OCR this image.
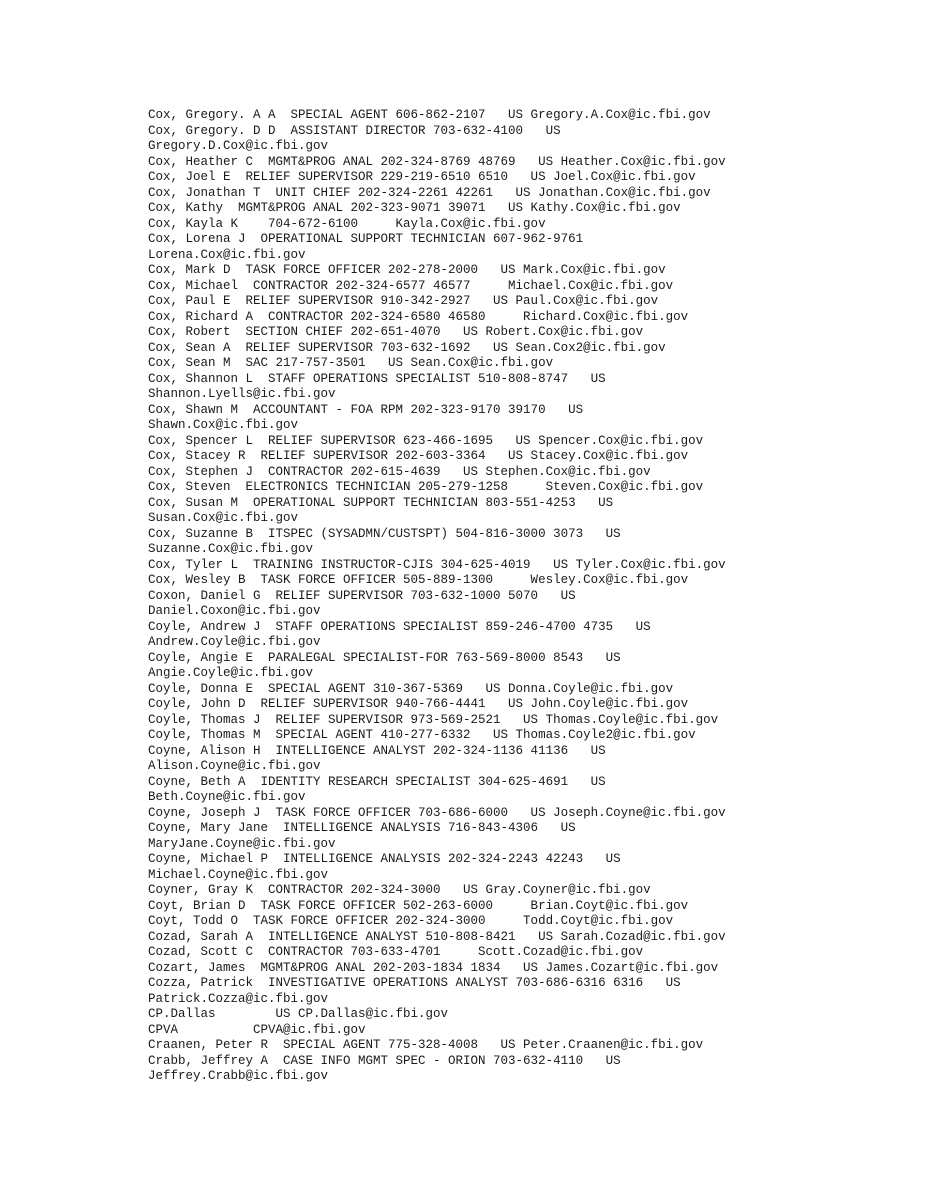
Cox, Gregory. A A  SPECIAL AGENT 606-862-2107   US Gregory.A.Cox@ic.fbi.gov
Cox, Gregory. D D  ASSISTANT DIRECTOR 703-632-4100   US
Gregory.D.Cox@ic.fbi.gov
Cox, Heather C  MGMT&PROG ANAL 202-324-8769 48769   US Heather.Cox@ic.fbi.gov
Cox, Joel E  RELIEF SUPERVISOR 229-219-6510 6510   US Joel.Cox@ic.fbi.gov
Cox, Jonathan T  UNIT CHIEF 202-324-2261 42261   US Jonathan.Cox@ic.fbi.gov
Cox, Kathy  MGMT&PROG ANAL 202-323-9071 39071   US Kathy.Cox@ic.fbi.gov
Cox, Kayla K    704-672-6100     Kayla.Cox@ic.fbi.gov
Cox, Lorena J  OPERATIONAL SUPPORT TECHNICIAN 607-962-9761
Lorena.Cox@ic.fbi.gov
Cox, Mark D  TASK FORCE OFFICER 202-278-2000   US Mark.Cox@ic.fbi.gov
Cox, Michael  CONTRACTOR 202-324-6577 46577     Michael.Cox@ic.fbi.gov
Cox, Paul E  RELIEF SUPERVISOR 910-342-2927   US Paul.Cox@ic.fbi.gov
Cox, Richard A  CONTRACTOR 202-324-6580 46580     Richard.Cox@ic.fbi.gov
Cox, Robert  SECTION CHIEF 202-651-4070   US Robert.Cox@ic.fbi.gov
Cox, Sean A  RELIEF SUPERVISOR 703-632-1692   US Sean.Cox2@ic.fbi.gov
Cox, Sean M  SAC 217-757-3501   US Sean.Cox@ic.fbi.gov
Cox, Shannon L  STAFF OPERATIONS SPECIALIST 510-808-8747   US
Shannon.Lyells@ic.fbi.gov
Cox, Shawn M  ACCOUNTANT - FOA RPM 202-323-9170 39170   US
Shawn.Cox@ic.fbi.gov
Cox, Spencer L  RELIEF SUPERVISOR 623-466-1695   US Spencer.Cox@ic.fbi.gov
Cox, Stacey R  RELIEF SUPERVISOR 202-603-3364   US Stacey.Cox@ic.fbi.gov
Cox, Stephen J  CONTRACTOR 202-615-4639   US Stephen.Cox@ic.fbi.gov
Cox, Steven  ELECTRONICS TECHNICIAN 205-279-1258     Steven.Cox@ic.fbi.gov
Cox, Susan M  OPERATIONAL SUPPORT TECHNICIAN 803-551-4253   US
Susan.Cox@ic.fbi.gov
Cox, Suzanne B  ITSPEC (SYSADMN/CUSTSPT) 504-816-3000 3073   US
Suzanne.Cox@ic.fbi.gov
Cox, Tyler L  TRAINING INSTRUCTOR-CJIS 304-625-4019   US Tyler.Cox@ic.fbi.gov
Cox, Wesley B  TASK FORCE OFFICER 505-889-1300     Wesley.Cox@ic.fbi.gov
Coxon, Daniel G  RELIEF SUPERVISOR 703-632-1000 5070   US
Daniel.Coxon@ic.fbi.gov
Coyle, Andrew J  STAFF OPERATIONS SPECIALIST 859-246-4700 4735   US
Andrew.Coyle@ic.fbi.gov
Coyle, Angie E  PARALEGAL SPECIALIST-FOR 763-569-8000 8543   US
Angie.Coyle@ic.fbi.gov
Coyle, Donna E  SPECIAL AGENT 310-367-5369   US Donna.Coyle@ic.fbi.gov
Coyle, John D  RELIEF SUPERVISOR 940-766-4441   US John.Coyle@ic.fbi.gov
Coyle, Thomas J  RELIEF SUPERVISOR 973-569-2521   US Thomas.Coyle@ic.fbi.gov
Coyle, Thomas M  SPECIAL AGENT 410-277-6332   US Thomas.Coyle2@ic.fbi.gov
Coyne, Alison H  INTELLIGENCE ANALYST 202-324-1136 41136   US
Alison.Coyne@ic.fbi.gov
Coyne, Beth A  IDENTITY RESEARCH SPECIALIST 304-625-4691   US
Beth.Coyne@ic.fbi.gov
Coyne, Joseph J  TASK FORCE OFFICER 703-686-6000   US Joseph.Coyne@ic.fbi.gov
Coyne, Mary Jane  INTELLIGENCE ANALYSIS 716-843-4306   US
MaryJane.Coyne@ic.fbi.gov
Coyne, Michael P  INTELLIGENCE ANALYSIS 202-324-2243 42243   US
Michael.Coyne@ic.fbi.gov
Coyner, Gray K  CONTRACTOR 202-324-3000   US Gray.Coyner@ic.fbi.gov
Coyt, Brian D  TASK FORCE OFFICER 502-263-6000     Brian.Coyt@ic.fbi.gov
Coyt, Todd O  TASK FORCE OFFICER 202-324-3000     Todd.Coyt@ic.fbi.gov
Cozad, Sarah A  INTELLIGENCE ANALYST 510-808-8421   US Sarah.Cozad@ic.fbi.gov
Cozad, Scott C  CONTRACTOR 703-633-4701     Scott.Cozad@ic.fbi.gov
Cozart, James  MGMT&PROG ANAL 202-203-1834 1834   US James.Cozart@ic.fbi.gov
Cozza, Patrick  INVESTIGATIVE OPERATIONS ANALYST 703-686-6316 6316   US
Patrick.Cozza@ic.fbi.gov
CP.Dallas        US CP.Dallas@ic.fbi.gov
CPVA          CPVA@ic.fbi.gov
Craanen, Peter R  SPECIAL AGENT 775-328-4008   US Peter.Craanen@ic.fbi.gov
Crabb, Jeffrey A  CASE INFO MGMT SPEC - ORION 703-632-4110   US
Jeffrey.Crabb@ic.fbi.gov
